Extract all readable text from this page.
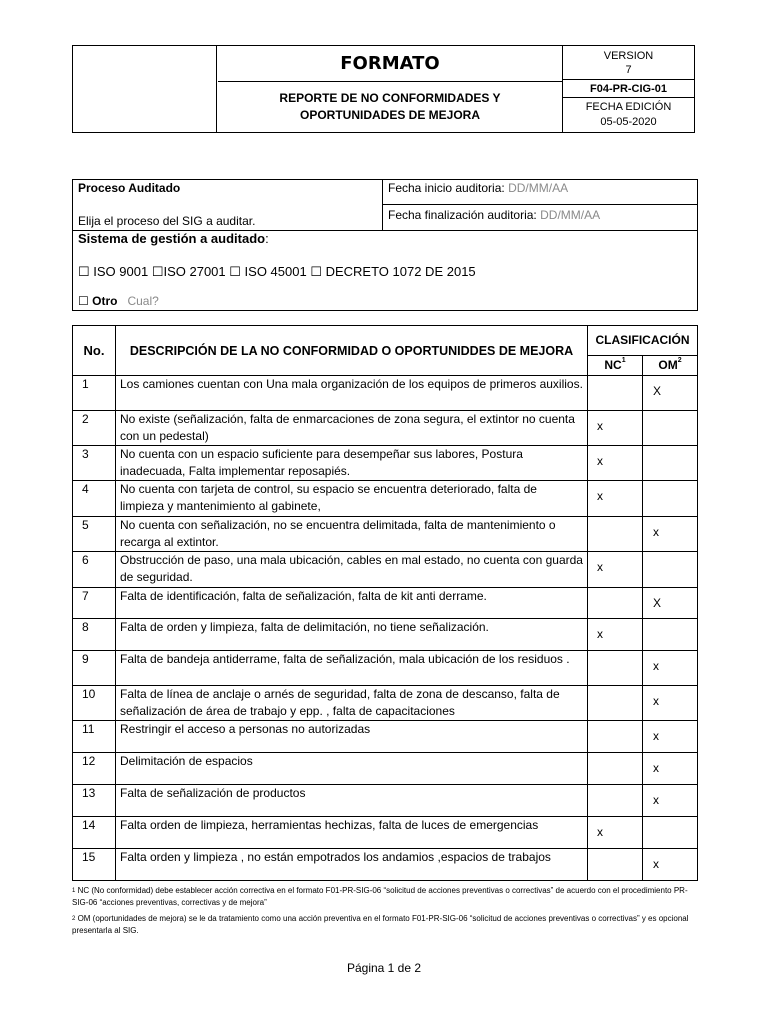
FORMATO
REPORTE DE NO CONFORMIDADES Y OPORTUNIDADES DE MEJORA
VERSION
7
F04-PR-CIG-01
FECHA EDICIÓN
05-05-2020
Proceso Auditado
Elija el proceso del SIG a auditar.
Fecha inicio auditoria: DD/MM/AA
Fecha finalización auditoria: DD/MM/AA
Sistema de gestión a auditado:
☐ ISO 9001 ☐ISO 27001 ☐ ISO 45001 ☐ DECRETO 1072 DE 2015
☐ Otro Cual?
No.	DESCRIPCIÓN DE LA NO CONFORMIDAD O OPORTUNIDDES DE MEJORA	CLASIFICACIÓN	
		$NC^1$	$OM^2$
1	Los camiones cuentan con Una mala organización de los equipos de primeros auxilios.		X
2	No existe (señalización, falta de enmarcaciones de zona segura, el extintor no cuenta con un pedestal)	x	
3	No cuenta con un espacio suficiente para desempeñar sus labores, Postura inadecuada, Falta implementar reposapiés.	x	
4	No cuenta con tarjeta de control, su espacio se encuentra deteriorado, falta de limpieza y mantenimiento al gabinete,	x	
5	No cuenta con señalización, no se encuentra delimitada, falta de mantenimiento o recarga al extintor.		x
6	Obstrucción de paso, una mala ubicación, cables en mal estado, no cuenta con guarda de seguridad.	x	
7	Falta de identificación, falta de señalización, falta de kit anti derrame.		X
8	Falta de orden y limpieza, falta de delimitación, no tiene señalización.	x	
9	Falta de bandeja antiderrame, falta de señalización, mala ubicación de los residuos .		x
10	Falta de línea de anclaje o arnés de seguridad, falta de zona de descanso, falta de señalización de área de trabajo y epp. , falta de capacitaciones		x
11	Restringir el acceso a personas no autorizadas		x
12	Delimitación de espacios		x
13	Falta de señalización de productos		x
14	Falta orden de limpieza, herramientas hechizas, falta de luces de emergencias	x	
15	Falta orden y limpieza , no están empotrados los andamios ,espacios de trabajos		x
$^1$ NC (No conformidad) debe establecer acción correctiva en el formato F01-PR-SIG-06 “solicitud de acciones preventivas o correctivas” de acuerdo con el procedimiento PR-SIG-06 “acciones preventivas, correctivas y de mejora”
$^2$ OM (oportunidades de mejora) se le da tratamiento como una acción preventiva en el formato F01-PR-SIG-06 “solicitud de acciones preventivas o correctivas” y es opcional presentarla al SIG.
Página 1 de 2
